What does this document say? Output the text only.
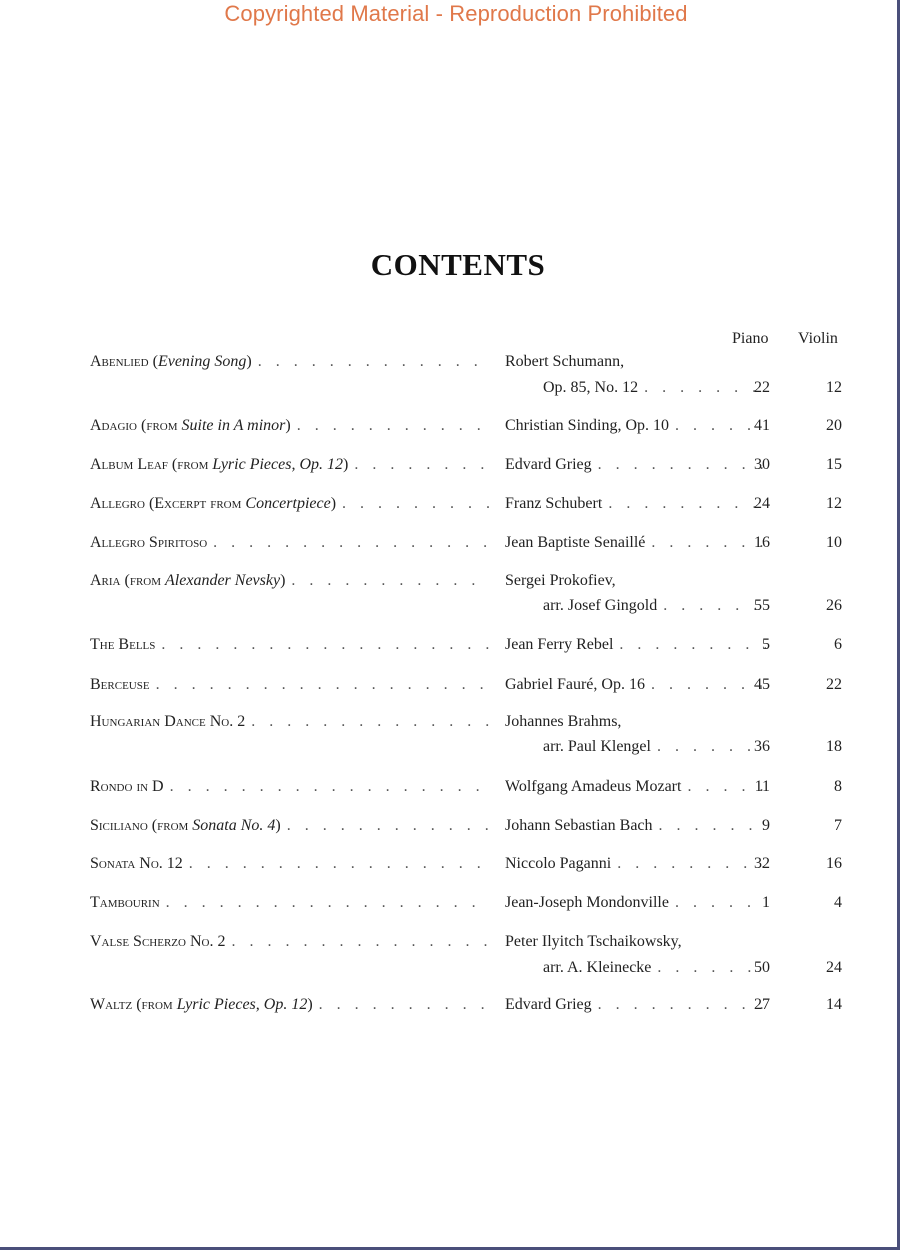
Copyrighted Material - Reproduction Prohibited
CONTENTS
Piano Violin
Abenlied (Evening Song) . . .	Robert Schumann,
Op. 85, No. 12 . . .	22	12
Adagio (from Suite in A minor) . . .	Christian Sinding, Op. 10 . . .	41	20
Album Leaf (from Lyric Pieces, Op. 12) . . .	Edvard Grieg . . .	30	15
Allegro (Excerpt from Concertpiece) . . .	Franz Schubert . . .	24	12
Allegro Spiritoso . . .	Jean Baptiste Senaillé . . .	16	10
Aria (from Alexander Nevsky) . . .	Sergei Prokofiev,
arr. Josef Gingold . . .	55	26
The Bells . . .	Jean Ferry Rebel . . .	5	6
Berceuse . . .	Gabriel Fauré, Op. 16 . . .	45	22
Hungarian Dance No. 2 . . .	Johannes Brahms,
arr. Paul Klengel . . .	36	18
Rondo in D . . .	Wolfgang Amadeus Mozart . . .	11	8
Siciliano (from Sonata No. 4) . . .	Johann Sebastian Bach . . .	9	7
Sonata No. 12 . . .	Niccolo Paganni . . .	32	16
Tambourin . . .	Jean-Joseph Mondonville . . .	1	4
Valse Scherzo No. 2 . . .	Peter Ilyitch Tschaikowsky,
arr. A. Kleinecke . . .	50	24
Waltz (from Lyric Pieces, Op. 12) . . .	Edvard Grieg . . .	27	14
